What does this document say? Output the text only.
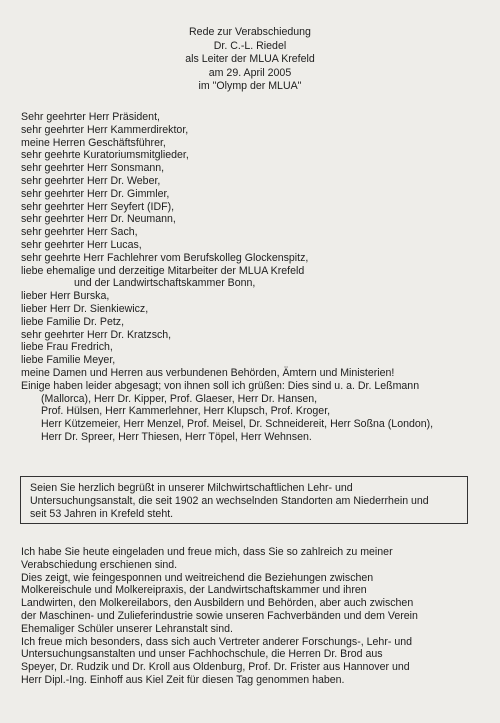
Rede zur Verabschiedung
Dr. C.-L. Riedel
als Leiter der MLUA Krefeld
am 29. April 2005
im "Olymp der MLUA"
Sehr geehrter Herr Präsident,
sehr geehrter Herr Kammerdirektor,
meine Herren Geschäftsführer,
sehr geehrte Kuratoriumsmitglieder,
sehr geehrter Herr Sonsmann,
sehr geehrter Herr Dr. Weber,
sehr geehrter Herr Dr. Gimmler,
sehr geehrter Herr Seyfert (IDF),
sehr geehrter Herr Dr. Neumann,
sehr geehrter Herr Sach,
sehr geehrter Herr Lucas,
sehr geehrte Herr Fachlehrer vom Berufskolleg Glockenspitz,
liebe ehemalige und derzeitige Mitarbeiter der MLUA Krefeld
und der Landwirtschaftskammer Bonn,
lieber Herr Burska,
lieber Herr Dr. Sienkiewicz,
liebe Familie Dr. Petz,
sehr geehrter Herr Dr. Kratzsch,
liebe Frau Fredrich,
liebe Familie Meyer,
meine Damen und Herren aus verbundenen Behörden, Ämtern und Ministerien!
Einige haben leider abgesagt; von ihnen soll ich grüßen: Dies sind u. a. Dr. Leßmann
(Mallorca), Herr Dr. Kipper, Prof. Glaeser, Herr Dr. Hansen,
Prof. Hülsen, Herr Kammerlehner, Herr Klupsch, Prof. Kroger,
Herr Kützemeier, Herr Menzel, Prof. Meisel, Dr. Schneidereit, Herr Soßna (London),
Herr Dr. Spreer, Herr Thiesen, Herr Töpel, Herr Wehnsen.
Seien Sie herzlich begrüßt in unserer Milchwirtschaftlichen Lehr- und
Untersuchungsanstalt, die seit 1902 an wechselnden Standorten am Niederrhein und
seit 53 Jahren in Krefeld steht.
Ich habe Sie heute eingeladen und freue mich, dass Sie so zahlreich zu meiner
Verabschiedung erschienen sind.
Dies zeigt, wie feingesponnen und weitreichend die Beziehungen zwischen
Molkereischule und Molkereipraxis, der Landwirtschaftskammer und ihren
Landwirten, den Molkereilabors, den Ausbildern und Behörden, aber auch zwischen
der Maschinen- und Zulieferindustrie sowie unseren Fachverbänden und dem Verein
Ehemaliger Schüler unserer Lehranstalt sind.
Ich freue mich besonders, dass sich auch Vertreter anderer Forschungs-, Lehr- und
Untersuchungsanstalten und unser Fachhochschule, die Herren Dr. Brod aus
Speyer, Dr. Rudzik und Dr. Kroll aus Oldenburg, Prof. Dr. Frister aus Hannover und
Herr Dipl.-Ing. Einhoff aus Kiel Zeit für diesen Tag genommen haben.
